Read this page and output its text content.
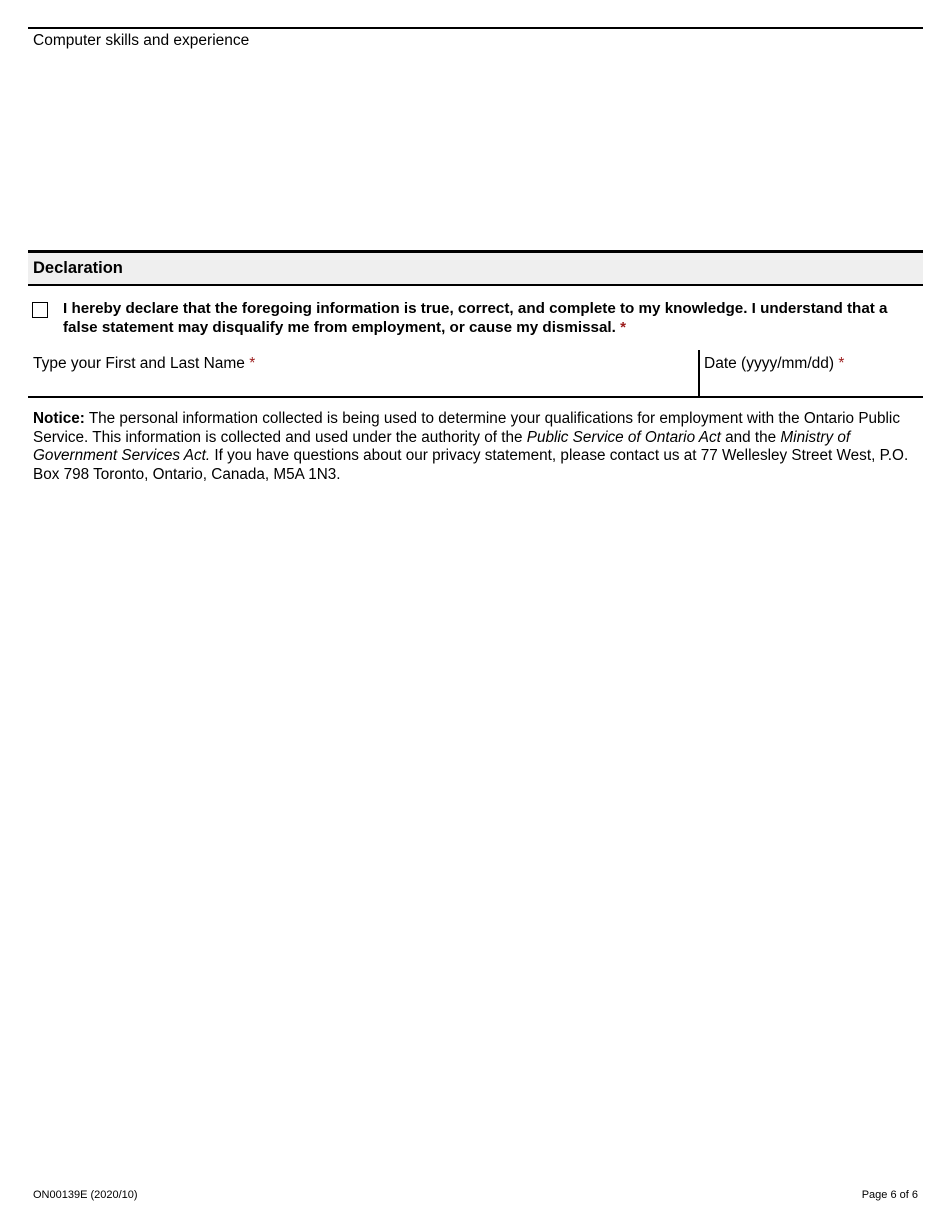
Computer skills and experience
Declaration
I hereby declare that the foregoing information is true, correct, and complete to my knowledge. I understand that a false statement may disqualify me from employment, or cause my dismissal. *
Type your First and Last Name *	Date (yyyy/mm/dd) *
Notice: The personal information collected is being used to determine your qualifications for employment with the Ontario Public Service. This information is collected and used under the authority of the Public Service of Ontario Act and the Ministry of Government Services Act. If you have questions about our privacy statement, please contact us at 77 Wellesley Street West, P.O. Box 798 Toronto, Ontario, Canada, M5A 1N3.
ON00139E (2020/10)	Page 6 of 6
